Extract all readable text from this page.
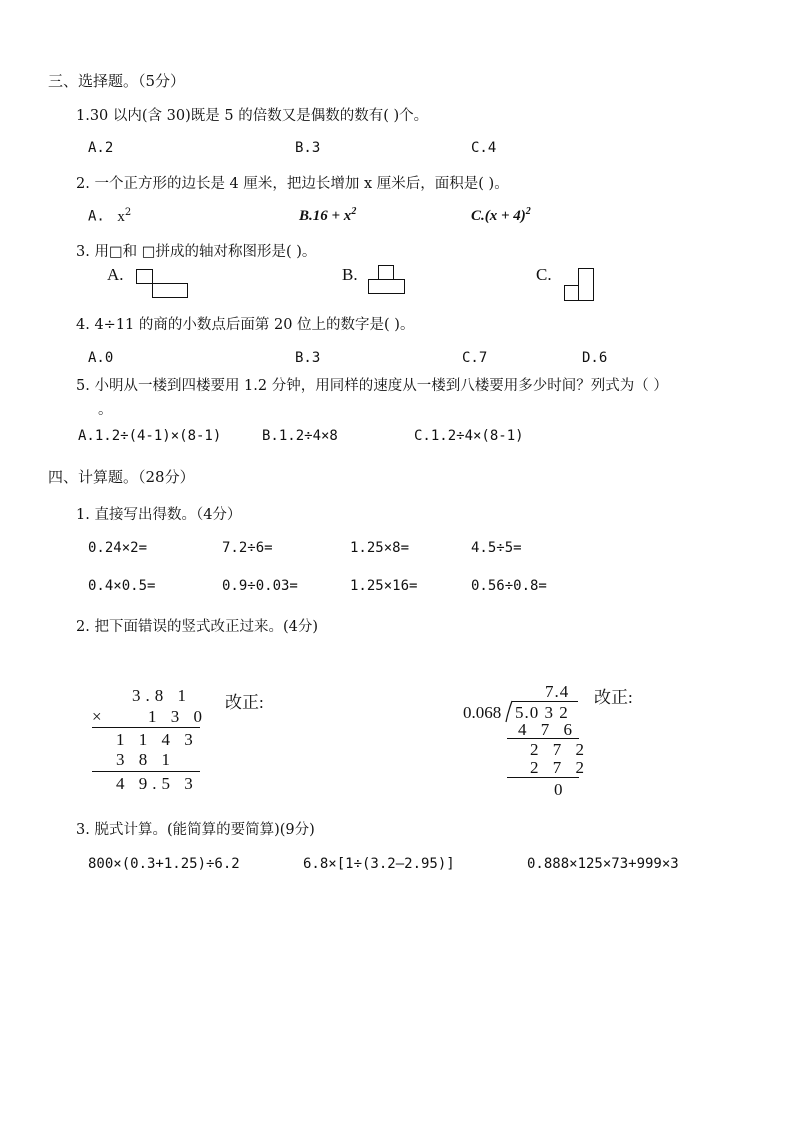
三、选择题。（5分）
1.30 以内(含 30)既是 5 的倍数又是偶数的数有( )个。
A.2	B.3	C.4
2. 一个正方形的边长是 4 厘米，把边长增加 x 厘米后，面积是( )。
A. $x^2$	$B.16 + x^2$	$C.(x + 4)^2$
3. 用□和 □拼成的轴对称图形是( )。
A.	B.	C.
4. 4÷11 的商的小数点后面第 20 位上的数字是( )。
A.0	B.3	C.7	D.6
5. 小明从一楼到四楼要用 1.2 分钟，用同样的速度从一楼到八楼要用多少时间？列式为（ ）
。
A.1.2÷(4-1)×(8-1)	B.1.2÷4×8	C.1.2÷4×(8-1)
四、计算题。（28分）
1. 直接写出得数。（4分）
0.24×2=	7.2÷6=	1.25×8=	4.5÷5=
0.4×0.5=	0.9÷0.03=	1.25×16=	0.56÷0.8=
2. 把下面错误的竖式改正过来。(4分)
3.8 1
× 1 3 0
1 1 4 3
3 8 1
4 9.5 3
改正:
7.4
0.068 5.0 3 2
4 7 6
2 7 2
2 7 2
0
改正:
3. 脱式计算。(能简算的要简算)(9分)
800×(0.3+1.25)÷6.2	6.8×[1÷(3.2—2.95)]	0.888×125×73+999×3
